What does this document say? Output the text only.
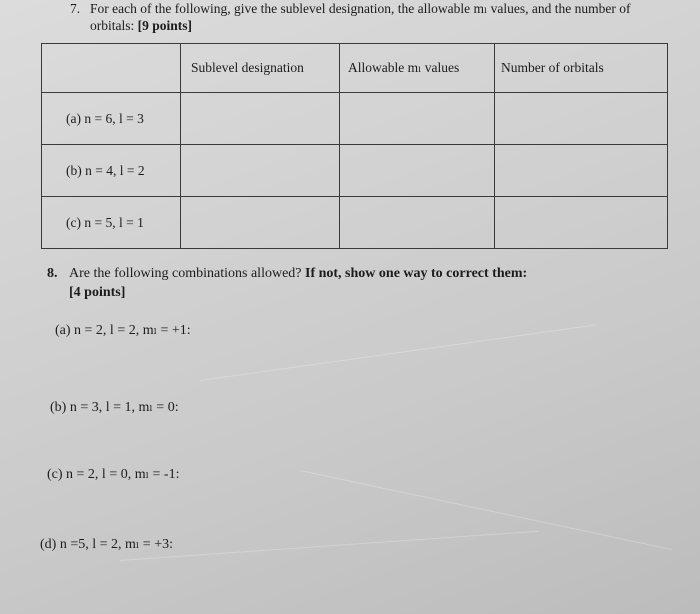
7. For each of the following, give the sublevel designation, the allowable mₗ values, and the number of orbitals: [9 points]
	Sublevel designation	Allowable mₗ values	Number of orbitals
(a) n = 6, l = 3			
(b) n = 4, l = 2			
(c) n = 5, l = 1			
8. Are the following combinations allowed? If not, show one way to correct them:
[4 points]
(a) n = 2, l = 2, mₗ = +1:
(b) n = 3, l = 1, mₗ = 0:
(c) n = 2, l = 0, mₗ = -1:
(d) n =5, l = 2, mₗ = +3:
